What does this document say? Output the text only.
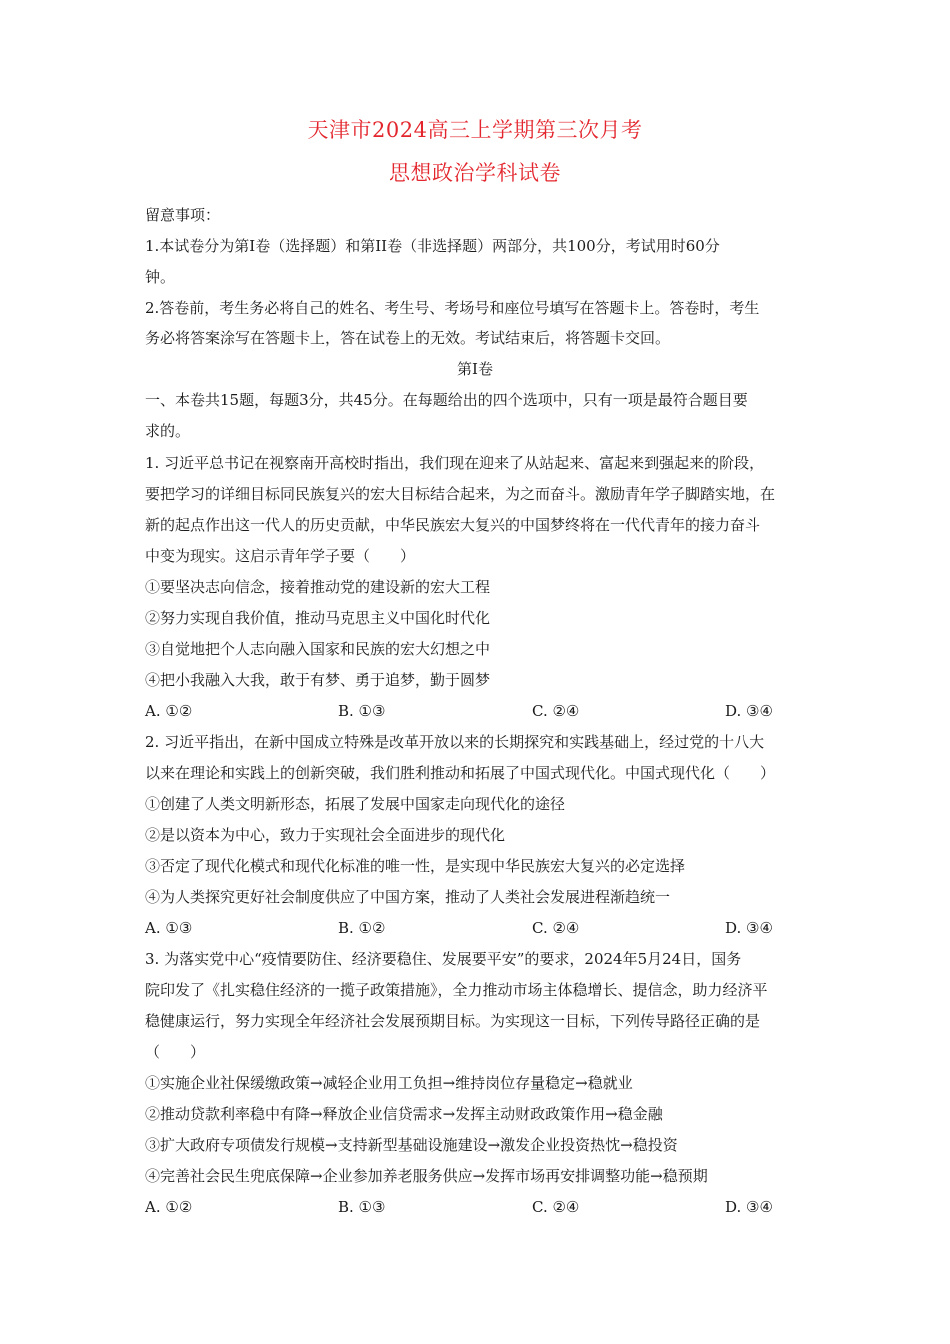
天津市2024高三上学期第三次月考
思想政治学科试卷
留意事项：
1.本试卷分为第Ⅰ卷（选择题）和第II卷（非选择题）两部分，共100分，考试用时60分
钟。
2.答卷前，考生务必将自己的姓名、考生号、考场号和座位号填写在答题卡上。答卷时，考生
务必将答案涂写在答题卡上，答在试卷上的无效。考试结束后，将答题卡交回。
第Ⅰ卷
一、本卷共15题，每题3分，共45分。在每题给出的四个选项中，只有一项是最符合题目要
求的。
1. 习近平总书记在视察南开高校时指出，我们现在迎来了从站起来、富起来到强起来的阶段，
要把学习的详细目标同民族复兴的宏大目标结合起来，为之而奋斗。激励青年学子脚踏实地，在
新的起点作出这一代人的历史贡献，中华民族宏大复兴的中国梦终将在一代代青年的接力奋斗
中变为现实。这启示青年学子要（　　）
①要坚决志向信念，接着推动党的建设新的宏大工程
②努力实现自我价值，推动马克思主义中国化时代化
③自觉地把个人志向融入国家和民族的宏大幻想之中
④把小我融入大我，敢于有梦、勇于追梦，勤于圆梦
A. ①②	B. ①③	C. ②④	D. ③④
2. 习近平指出，在新中国成立特殊是改革开放以来的长期探究和实践基础上，经过党的十八大
以来在理论和实践上的创新突破，我们胜利推动和拓展了中国式现代化。中国式现代化（　　）
①创建了人类文明新形态，拓展了发展中国家走向现代化的途径
②是以资本为中心，致力于实现社会全面进步的现代化
③否定了现代化模式和现代化标准的唯一性，是实现中华民族宏大复兴的必定选择
④为人类探究更好社会制度供应了中国方案，推动了人类社会发展进程渐趋统一
A. ①③	B. ①②	C. ②④	D. ③④
3. 为落实党中心“疫情要防住、经济要稳住、发展要平安”的要求，2024年5月24日，国务
院印发了《扎实稳住经济的一揽子政策措施》，全力推动市场主体稳增长、提信念，助力经济平
稳健康运行，努力实现全年经济社会发展预期目标。为实现这一目标，下列传导路径正确的是
（　　）
①实施企业社保缓缴政策→减轻企业用工负担→维持岗位存量稳定→稳就业
②推动贷款利率稳中有降→释放企业信贷需求→发挥主动财政政策作用→稳金融
③扩大政府专项债发行规模→支持新型基础设施建设→激发企业投资热忱→稳投资
④完善社会民生兜底保障→企业参加养老服务供应→发挥市场再安排调整功能→稳预期
A. ①②	B. ①③	C. ②④	D. ③④
